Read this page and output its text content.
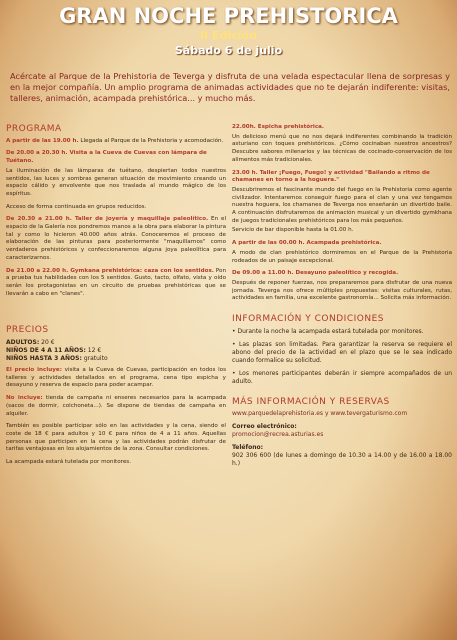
GRAN NOCHE PREHISTORICA
II Edición
Sábado 6 de julio
Acércate al Parque de la Prehistoria de Teverga y disfruta de una velada espectacular llena de sorpresas y en la mejor compañía. Un amplio programa de animadas actividades que no te dejarán indiferente: visitas, talleres, animación, acampada prehistórica... y mucho más.
PROGRAMA
A partir de las 19.00 h. Llegada al Parque de la Prehistoria y acomodación.
De 20.00 a 20.30 h. Visita a la Cueva de Cuevas con lámpara de Tuétano.
La iluminación de las lámparas de tuétano, despiertan todos nuestros sentidos, las luces y sombras generan situación de movimiento creando un espacio cálido y envolvente que nos traslada al mundo mágico de los espíritus.
Acceso de forma continuada en grupos reducidos.
De 20.30 a 21.00 h. Taller de joyería y maquillaje paleolítico. En el espacio de la Galería nos pondremos manos a la obra para elaborar la pintura tal y como lo hicieron 40.000 años atrás. Conoceremos el proceso de elaboración de las pinturas para posteriormente "maquillarnos" como verdaderos prehistóricos y confeccionaremos alguna joya paleolítica para caracterizarnos.
De 21.00 a 22.00 h. Gymkana prehistórica: caza con los sentidos. Pon a prueba tus habilidades con los 5 sentidos. Gusto, tacto, olfato, vista y oído serán los protagonistas en un circuito de pruebas prehistóricas que se llevarán a cabo en "clanes".
PRECIOS
ADULTOS: 20 €
NIÑOS DE 4 A 11 AÑOS: 12 €
NIÑOS HASTA 3 AÑOS: gratuito
El precio incluye: visita a la Cueva de Cuevas, participación en todos los talleres y actividades detallados en el programa, cena tipo espicha y desayuno y reserva de espacio para poder acampar.
No incluye: tienda de campaña ni enseres necesarios para la acampada (sacos de dormir, colchoneta...). Se dispone de tiendas de campaña en alquiler.
También es posible participar sólo en las actividades y la cena, siendo el coste de 18 € para adultos y 10 € para niños de 4 a 11 años. Aquellas personas que participen en la cena y las actividades podrán disfrutar de tarifas ventajosas en los alojamientos de la zona. Consultar condiciones.
La acampada estará tutelada por monitores.
22.00h. Espicha prehistórica.
Un delicioso menú que no nos dejará indiferentes combinando la tradición asturiano con toques prehistóricos. ¿Cómo cocinaban nuestros ancestros? Descubre sabores milenarios y las técnicas de cocinado-conservación de los alimentos más tradicionales.
23.00 h. Taller ¡Fuego, Fuego! y actividad "Bailando a ritmo de chamanes en torno a la hoguera."
Descubriremos el fascinante mundo del fuego en la Prehistoria como agente civilizador. Intentaremos conseguir fuego para el clan y una vez tengamos nuestra hoguera, los chamanes de Teverga nos enseñarán un divertido baile. A continuación disfrutaremos de animación musical y un divertido gymkhana de juegos tradicionales prehistóricos para los más pequeños.
Servicio de bar disponible hasta la 01.00 h.
A partir de las 00.00 h. Acampada prehistórica.
A modo de clan prehistórico dormiremos en el Parque de la Prehistoria rodeados de un paisaje excepcional.
De 09.00 a 11.00 h. Desayuno paleolítico y recogida.
Después de reponer fuerzas, nos prepararemos para disfrutar de una nueva jornada. Teverga nos ofrece múltiples propuestas: visitas culturales, rutas, actividades en familia, una excelente gastronomía... Solicita más información.
INFORMACIÓN Y CONDICIONES
• Durante la noche la acampada estará tutelada por monitores.
• Las plazas son limitadas. Para garantizar la reserva se requiere el abono del precio de la actividad en el plazo que se le sea indicado cuando formalice su solicitud.
• Los menores participantes deberán ir siempre acompañados de un adulto.
MÁS INFORMACIÓN Y RESERVAS
www.parquedelaprehistoria.es y www.tevergaturismo.com
Correo electrónico:
promocion@recrea.asturias.es
Teléfono:
902 306 600 (de lunes a domingo de 10.30 a 14.00 y de 16.00 a 18.00 h.)
